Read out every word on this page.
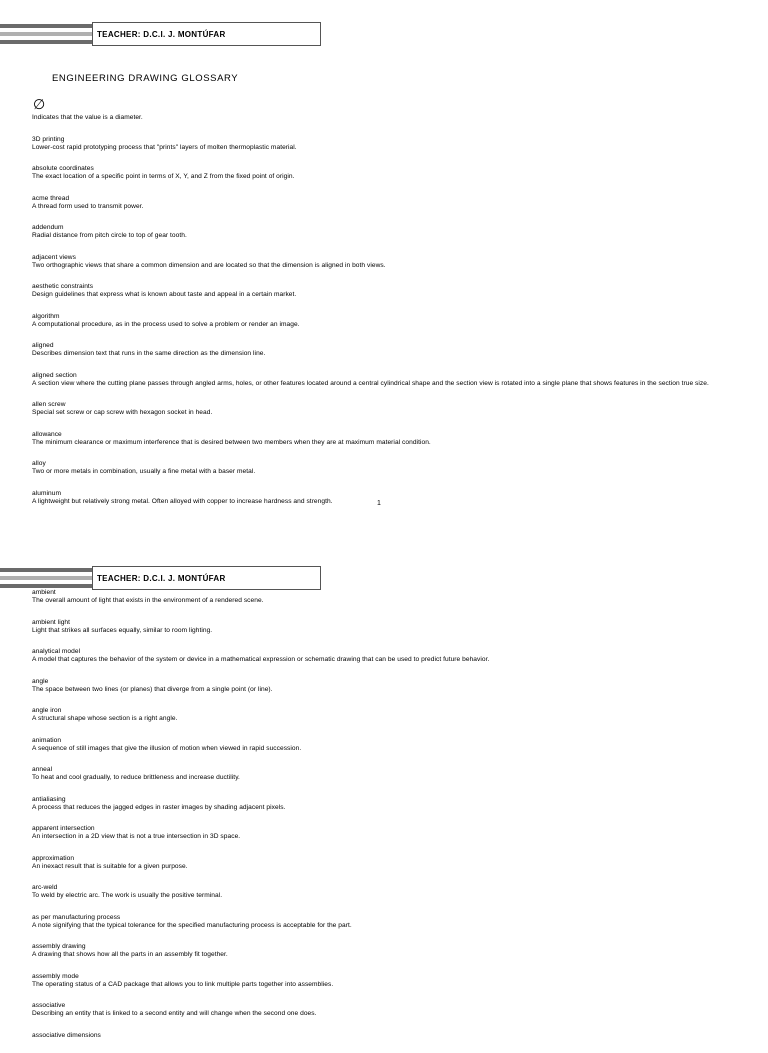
TEACHER: D.C.I. J. MONTÚFAR
ENGINEERING DRAWING GLOSSARY
∅
Indicates that the value is a diameter.
3D printing
Lower-cost rapid prototyping process that "prints" layers of molten thermoplastic material.
absolute coordinates
The exact location of a specific point in terms of X, Y, and Z from the fixed point of origin.
acme thread
A thread form used to transmit power.
addendum
Radial distance from pitch circle to top of gear tooth.
adjacent views
Two orthographic views that share a common dimension and are located so that the dimension is aligned in both views.
aesthetic constraints
Design guidelines that express what is known about taste and appeal in a certain market.
algorithm
A computational procedure, as in the process used to solve a problem or render an image.
aligned
Describes dimension text that runs in the same direction as the dimension line.
aligned section
A section view where the cutting plane passes through angled arms, holes, or other features located around a central cylindrical shape and the section view is rotated into a single plane that shows features in the section true size.
allen screw
Special set screw or cap screw with hexagon socket in head.
allowance
The minimum clearance or maximum interference that is desired between two members when they are at maximum material condition.
alloy
Two or more metals in combination, usually a fine metal with a baser metal.
aluminum
A lightweight but relatively strong metal. Often alloyed with copper to increase hardness and strength.	1
TEACHER: D.C.I. J. MONTÚFAR
ambient
The overall amount of light that exists in the environment of a rendered scene.
ambient light
Light that strikes all surfaces equally, similar to room lighting.
analytical model
A model that captures the behavior of the system or device in a mathematical expression or schematic drawing that can be used to predict future behavior.
angle
The space between two lines (or planes) that diverge from a single point (or line).
angle iron
A structural shape whose section is a right angle.
animation
A sequence of still images that give the illusion of motion when viewed in rapid succession.
anneal
To heat and cool gradually, to reduce brittleness and increase ductility.
antialiasing
A process that reduces the jagged edges in raster images by shading adjacent pixels.
apparent intersection
An intersection in a 2D view that is not a true intersection in 3D space.
approximation
An inexact result that is suitable for a given purpose.
arc-weld
To weld by electric arc. The work is usually the positive terminal.
as per manufacturing process
A note signifying that the typical tolerance for the specified manufacturing process is acceptable for the part.
assembly drawing
A drawing that shows how all the parts in an assembly fit together.
assembly mode
The operating status of a CAD package that allows you to link multiple parts together into assemblies.
associative
Describing an entity that is linked to a second entity and will change when the second one does.
associative dimensions
